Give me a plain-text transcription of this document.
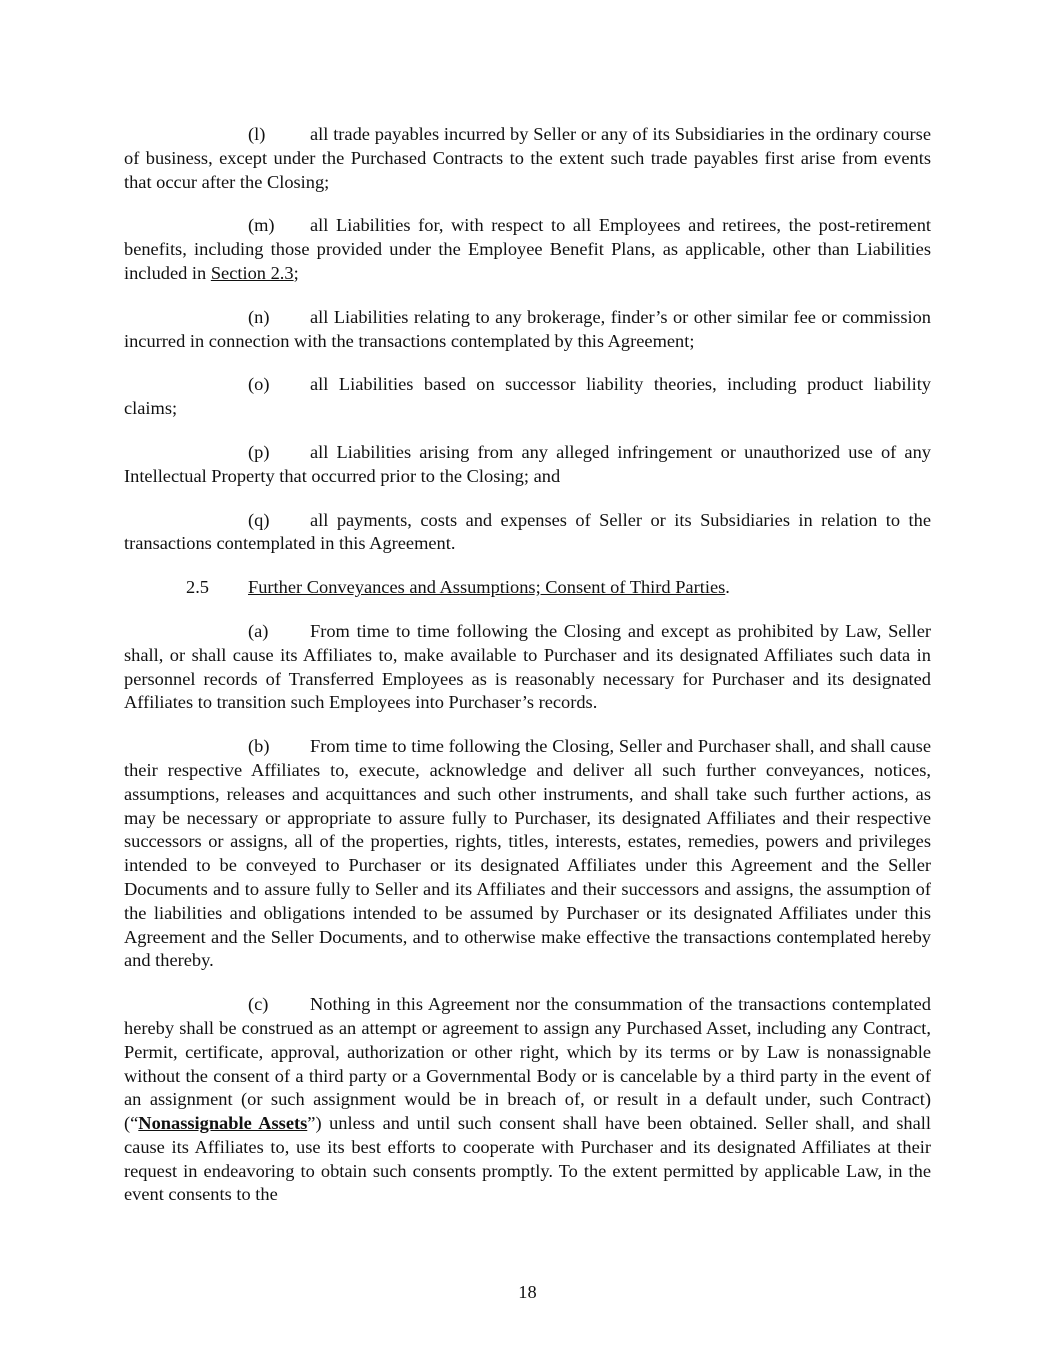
(l) all trade payables incurred by Seller or any of its Subsidiaries in the ordinary course of business, except under the Purchased Contracts to the extent such trade payables first arise from events that occur after the Closing;

(m) all Liabilities for, with respect to all Employees and retirees, the post-retirement benefits, including those provided under the Employee Benefit Plans, as applicable, other than Liabilities included in Section 2.3;

(n) all Liabilities relating to any brokerage, finder’s or other similar fee or commission incurred in connection with the transactions contemplated by this Agreement;

(o) all Liabilities based on successor liability theories, including product liability claims;

(p) all Liabilities arising from any alleged infringement or unauthorized use of any Intellectual Property that occurred prior to the Closing; and

(q) all payments, costs and expenses of Seller or its Subsidiaries in relation to the transactions contemplated in this Agreement.

2.5 Further Conveyances and Assumptions; Consent of Third Parties.

(a) From time to time following the Closing and except as prohibited by Law, Seller shall, or shall cause its Affiliates to, make available to Purchaser and its designated Affiliates such data in personnel records of Transferred Employees as is reasonably necessary for Purchaser and its designated Affiliates to transition such Employees into Purchaser’s records.

(b) From time to time following the Closing, Seller and Purchaser shall, and shall cause their respective Affiliates to, execute, acknowledge and deliver all such further conveyances, notices, assumptions, releases and acquittances and such other instruments, and shall take such further actions, as may be necessary or appropriate to assure fully to Purchaser, its designated Affiliates and their respective successors or assigns, all of the properties, rights, titles, interests, estates, remedies, powers and privileges intended to be conveyed to Purchaser or its designated Affiliates under this Agreement and the Seller Documents and to assure fully to Seller and its Affiliates and their successors and assigns, the assumption of the liabilities and obligations intended to be assumed by Purchaser or its designated Affiliates under this Agreement and the Seller Documents, and to otherwise make effective the transactions contemplated hereby and thereby.

(c) Nothing in this Agreement nor the consummation of the transactions contemplated hereby shall be construed as an attempt or agreement to assign any Purchased Asset, including any Contract, Permit, certificate, approval, authorization or other right, which by its terms or by Law is nonassignable without the consent of a third party or a Governmental Body or is cancelable by a third party in the event of an assignment (or such assignment would be in breach of, or result in a default under, such Contract) (“Nonassignable Assets”) unless and until such consent shall have been obtained. Seller shall, and shall cause its Affiliates to, use its best efforts to cooperate with Purchaser and its designated Affiliates at their request in endeavoring to obtain such consents promptly. To the extent permitted by applicable Law, in the event consents to the

18
